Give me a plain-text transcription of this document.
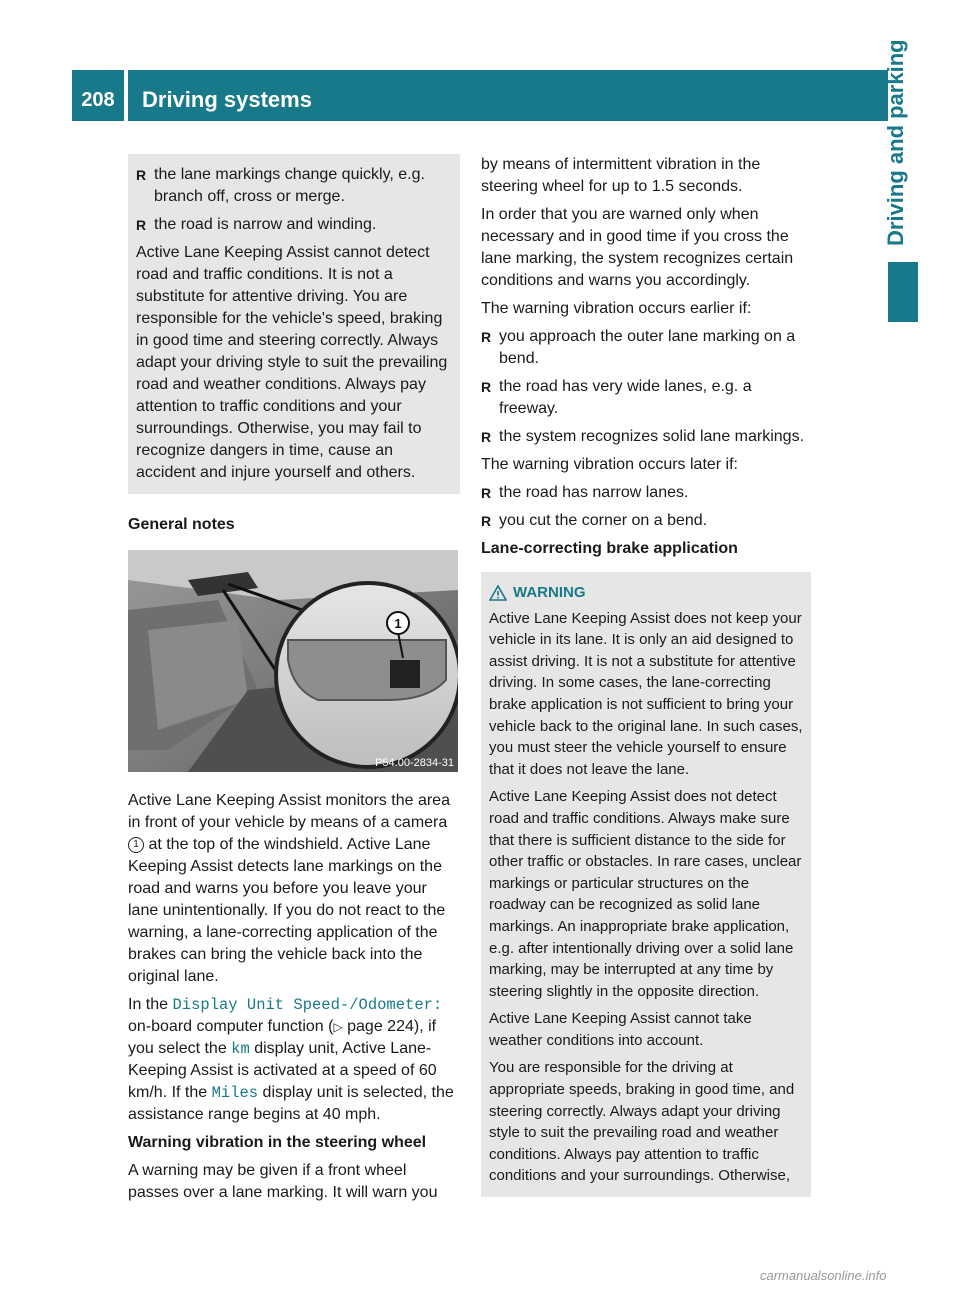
208	Driving systems	Driving and parking
R the lane markings change quickly, e.g. branch off, cross or merge.
R the road is narrow and winding.

Active Lane Keeping Assist cannot detect road and traffic conditions. It is not a substitute for attentive driving. You are responsible for the vehicle's speed, braking in good time and steering correctly. Always adapt your driving style to suit the prevailing road and weather conditions. Always pay attention to traffic conditions and your surroundings. Otherwise, you may fail to recognize dangers in time, cause an accident and injure yourself and others.

General notes

1
P54.00-2834-31

Active Lane Keeping Assist monitors the area in front of your vehicle by means of a camera 1 at the top of the windshield. Active Lane Keeping Assist detects lane markings on the road and warns you before you leave your lane unintentionally. If you do not react to the warning, a lane-correcting application of the brakes can bring the vehicle back into the original lane.

In the Display Unit Speed-/Odometer: on-board computer function (▷ page 224), if you select the km display unit, Active Lane-Keeping Assist is activated at a speed of 60 km/h. If the Miles display unit is selected, the assistance range begins at 40 mph.

Warning vibration in the steering wheel

A warning may be given if a front wheel passes over a lane marking. It will warn you

by means of intermittent vibration in the steering wheel for up to 1.5 seconds.

In order that you are warned only when necessary and in good time if you cross the lane marking, the system recognizes certain conditions and warns you accordingly.

The warning vibration occurs earlier if:

R you approach the outer lane marking on a bend.
R the road has very wide lanes, e.g. a freeway.
R the system recognizes solid lane markings.

The warning vibration occurs later if:

R the road has narrow lanes.
R you cut the corner on a bend.

Lane-correcting brake application

WARNING

Active Lane Keeping Assist does not keep your vehicle in its lane. It is only an aid designed to assist driving. It is not a substitute for attentive driving. In some cases, the lane-correcting brake application is not sufficient to bring your vehicle back to the original lane. In such cases, you must steer the vehicle yourself to ensure that it does not leave the lane.

Active Lane Keeping Assist does not detect road and traffic conditions. Always make sure that there is sufficient distance to the side for other traffic or obstacles. In rare cases, unclear markings or particular structures on the roadway can be recognized as solid lane markings. An inappropriate brake application, e.g. after intentionally driving over a solid lane marking, may be interrupted at any time by steering slightly in the opposite direction.

Active Lane Keeping Assist cannot take weather conditions into account.

You are responsible for the driving at appropriate speeds, braking in good time, and steering correctly. Always adapt your driving style to suit the prevailing road and weather conditions. Always pay attention to traffic conditions and your surroundings. Otherwise,

carmanualsonline.info
